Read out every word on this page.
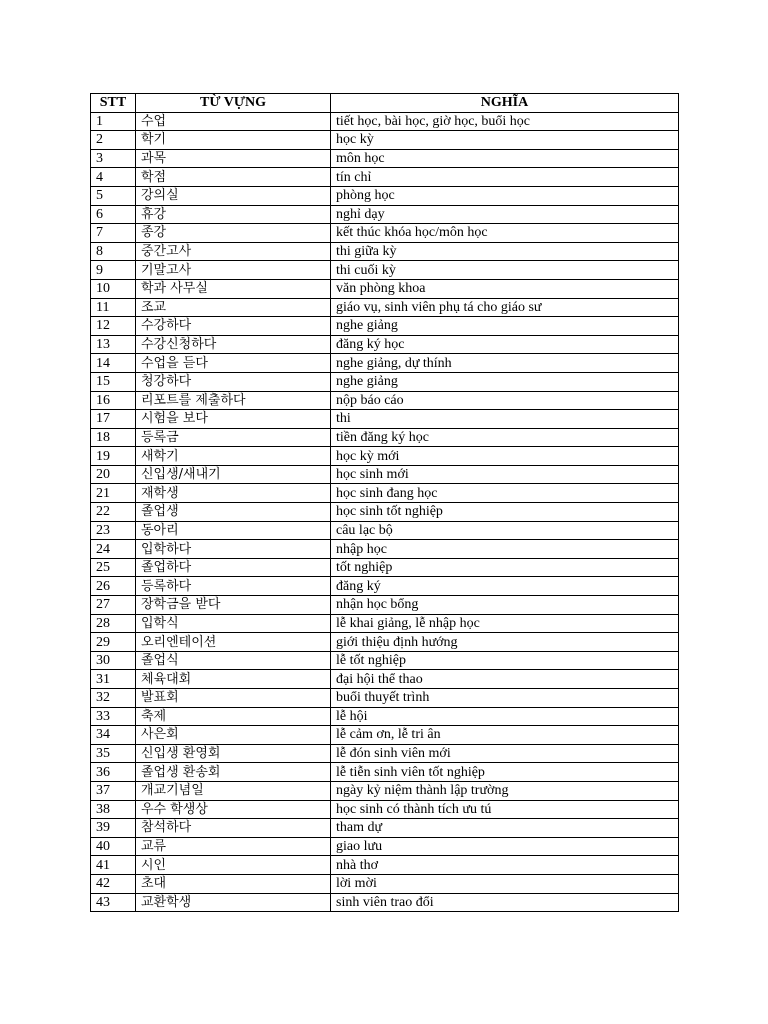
STT	TỪ VỰNG	NGHĨA
1	수업	tiết học, bài học, giờ học, buổi học
2	학기	học kỳ
3	과목	môn học
4	학점	tín chỉ
5	강의실	phòng học
6	휴강	nghỉ dạy
7	종강	kết thúc khóa học/môn học
8	중간고사	thi giữa kỳ
9	기말고사	thi cuối kỳ
10	학과 사무실	văn phòng khoa
11	조교	giáo vụ, sinh viên phụ tá cho giáo sư
12	수강하다	nghe giảng
13	수강신청하다	đăng ký học
14	수업을 듣다	nghe giảng, dự thính
15	청강하다	nghe giảng
16	리포트를 제출하다	nộp báo cáo
17	시험을 보다	thi
18	등록금	tiền đăng ký học
19	새학기	học kỳ mới
20	신입생/새내기	học sinh mới
21	재학생	học sinh đang học
22	졸업생	học sinh tốt nghiệp
23	동아리	câu lạc bộ
24	입학하다	nhập học
25	졸업하다	tốt nghiệp
26	등록하다	đăng ký
27	장학금을 받다	nhận học bổng
28	입학식	lễ khai giảng, lễ nhập học
29	오리엔테이션	giới thiệu định hướng
30	졸업식	lễ tốt nghiệp
31	체육대회	đại hội thể thao
32	발표회	buổi thuyết trình
33	축제	lễ hội
34	사은회	lễ cảm ơn, lễ tri ân
35	신입생 환영회	lễ đón sinh viên mới
36	졸업생 환송회	lễ tiễn sinh viên tốt nghiệp
37	개교기념일	ngày kỷ niệm thành lập trường
38	우수 학생상	học sinh có thành tích ưu tú
39	참석하다	tham dự
40	교류	giao lưu
41	시인	nhà thơ
42	초대	lời mời
43	교환학생	sinh viên trao đổi
